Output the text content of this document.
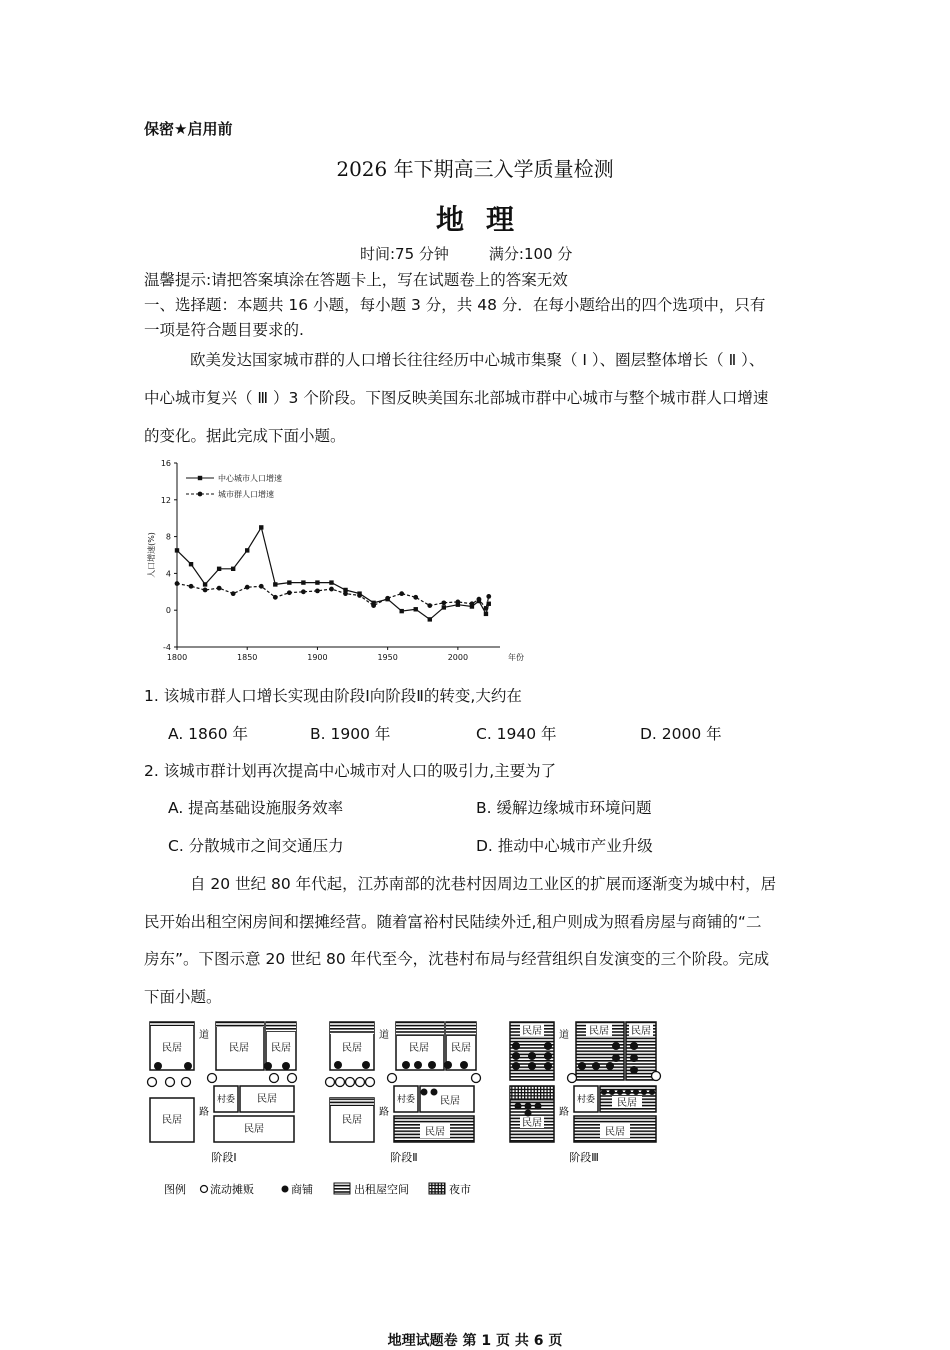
保密★启用前
2026 年下期高三入学质量检测
地理
时间:75 分钟	满分:100 分
温馨提示:请把答案填涂在答题卡上，写在试题卷上的答案无效
一、选择题：本题共 16 小题，每小题 3 分，共 48 分．在每小题给出的四个选项中，只有
一项是符合题目要求的.
欧美发达国家城市群的人口增长往往经历中心城市集聚（ Ⅰ ）、圈层整体增长（ Ⅱ ）、
中心城市复兴（ Ⅲ ）3 个阶段。下图反映美国东北部城市群中心城市与整个城市群人口增速
的变化。据此完成下面小题。
-4
0
4
8
12
16
1800	1850	1900	1950	2000	年份
人口增速(%)
中心城市人口增速
城市群人口增速
1. 该城市群人口增长实现由阶段Ⅰ向阶段Ⅱ的转变,大约在
A. 1860 年	B. 1900 年	C. 1940 年	D. 2000 年
2. 该城市群计划再次提高中心城市对人口的吸引力,主要为了
A. 提高基础设施服务效率	B. 缓解边缘城市环境问题
C. 分散城市之间交通压力	D. 推动中心城市产业升级
自 20 世纪 80 年代起，江苏南部的沈巷村因周边工业区的扩展而逐渐变为城中村，居
民开始出租空闲房间和摆摊经营。随着富裕村民陆续外迁,租户则成为照看房屋与商铺的“二
房东”。下图示意 20 世纪 80 年代至今，沈巷村布局与经营组织自发演变的三个阶段。完成
下面小题。
民居
道
民居 民居
民居
路
村委 民居
民居
阶段Ⅰ
民居
道
民居 民居
民居
路
村委 民居
民居
阶段Ⅱ
民居 道 民居 民居
民居
路
村委 民居
民居
阶段Ⅲ
图例 流动摊贩	商铺	出租屋空间	夜市
地理试题卷 第 1 页 共 6 页
